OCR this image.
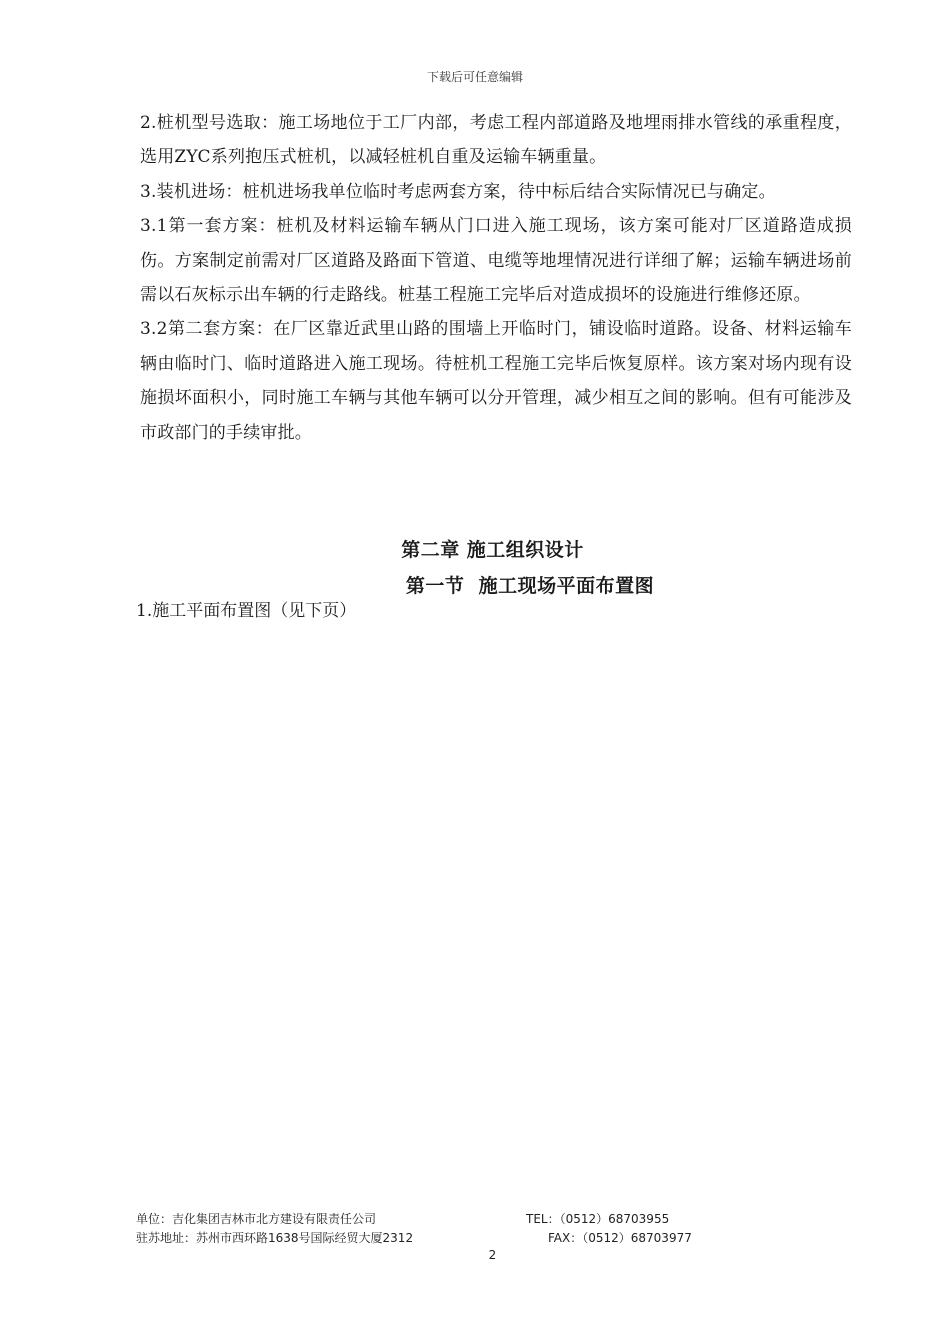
下载后可任意编辑

2.桩机型号选取：施工场地位于工厂内部，考虑工程内部道路及地埋雨排水管线的承重程度，选用ZYC系列抱压式桩机，以减轻桩机自重及运输车辆重量。

3.装机进场：桩机进场我单位临时考虑两套方案，待中标后结合实际情况已与确定。

3.1第一套方案：桩机及材料运输车辆从门口进入施工现场，该方案可能对厂区道路造成损伤。方案制定前需对厂区道路及路面下管道、电缆等地埋情况进行详细了解；运输车辆进场前需以石灰标示出车辆的行走路线。桩基工程施工完毕后对造成损坏的设施进行维修还原。

3.2第二套方案：在厂区靠近武里山路的围墙上开临时门，铺设临时道路。设备、材料运输车辆由临时门、临时道路进入施工现场。待桩机工程施工完毕后恢复原样。该方案对场内现有设施损坏面积小，同时施工车辆与其他车辆可以分开管理，减少相互之间的影响。但有可能涉及市政部门的手续审批。

第二章 施工组织设计
第一节  施工现场平面布置图
1.施工平面布置图（见下页）
单位：吉化集团吉林市北方建设有限责任公司	TEL：（0512）68703955
驻苏地址：苏州市西环路1638号国际经贸大厦2312	FAX：（0512）68703977
2
